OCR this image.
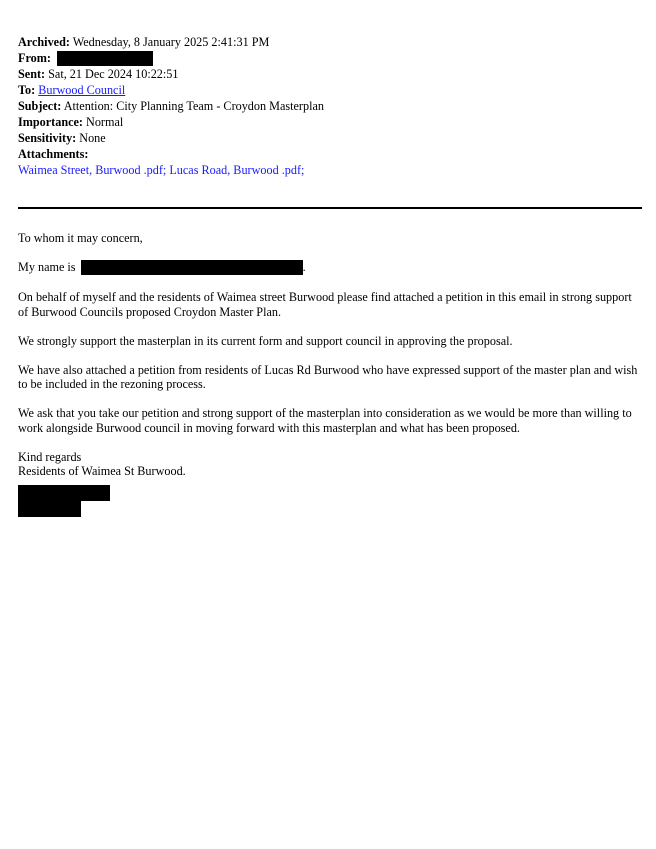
Archived: Wednesday, 8 January 2025 2:41:31 PM
From:
Sent: Sat, 21 Dec 2024 10:22:51
To: Burwood Council
Subject: Attention: City Planning Team - Croydon Masterplan
Importance: Normal
Sensitivity: None
Attachments:
Waimea Street, Burwood .pdf; Lucas Road, Burwood .pdf;

To whom it may concern,

My name is	.

On behalf of myself and the residents of Waimea street Burwood please find attached a petition in this email in strong support of Burwood Councils proposed Croydon Master Plan.

We strongly support the masterplan in its current form and support council in approving the proposal.

We have also attached a petition from residents of Lucas Rd Burwood who have expressed support of the master plan and wish to be included in the rezoning process.

We ask that you take our petition and strong support of the masterplan into consideration as we would be more than willing to work alongside Burwood council in moving forward with this masterplan and what has been proposed.

Kind regards
Residents of Waimea St Burwood.
